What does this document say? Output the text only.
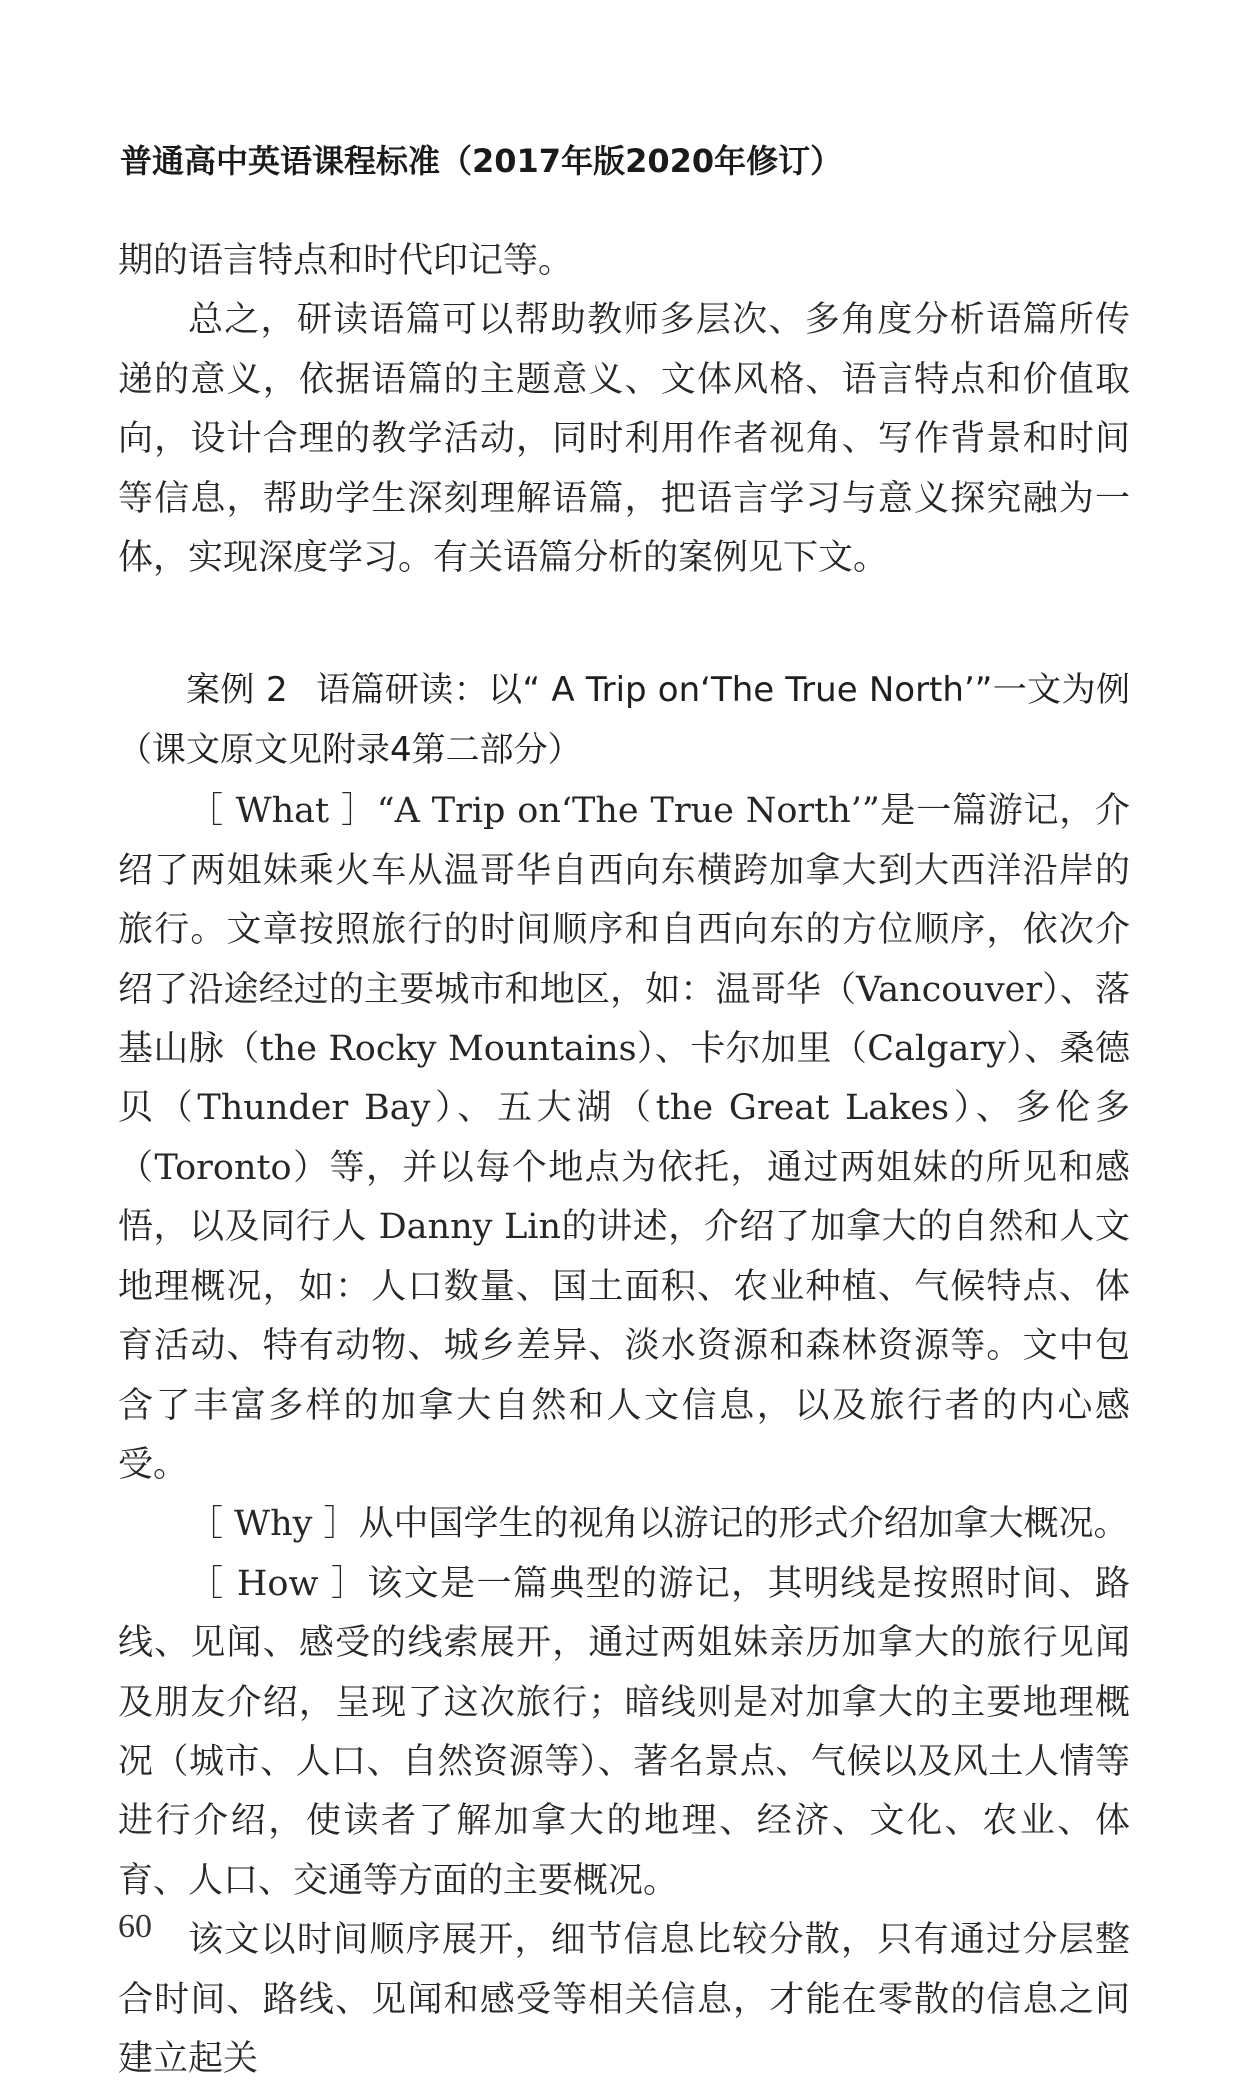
普通高中英语课程标准（2017年版2020年修订）

期的语言特点和时代印记等。

总之，研读语篇可以帮助教师多层次、多角度分析语篇所传递的意义，依据语篇的主题意义、文体风格、语言特点和价值取向，设计合理的教学活动，同时利用作者视角、写作背景和时间等信息，帮助学生深刻理解语篇，把语言学习与意义探究融为一体，实现深度学习。有关语篇分析的案例见下文。

案例 2 语篇研读：以“ A Trip on‘The True North’”一文为例（课文原文见附录4第二部分）

［ What ］“A Trip on‘The True North’”是一篇游记，介绍了两姐妹乘火车从温哥华自西向东横跨加拿大到大西洋沿岸的旅行。文章按照旅行的时间顺序和自西向东的方位顺序，依次介绍了沿途经过的主要城市和地区，如：温哥华（Vancouver）、落基山脉（the Rocky Mountains）、卡尔加里（Calgary）、桑德贝（Thunder Bay）、五大湖（the Great Lakes）、多伦多（Toronto）等，并以每个地点为依托，通过两姐妹的所见和感悟，以及同行人 Danny Lin的讲述，介绍了加拿大的自然和人文地理概况，如：人口数量、国土面积、农业种植、气候特点、体育活动、特有动物、城乡差异、淡水资源和森林资源等。文中包含了丰富多样的加拿大自然和人文信息，以及旅行者的内心感受。

［ Why ］从中国学生的视角以游记的形式介绍加拿大概况。

［ How ］该文是一篇典型的游记，其明线是按照时间、路线、见闻、感受的线索展开，通过两姐妹亲历加拿大的旅行见闻及朋友介绍，呈现了这次旅行；暗线则是对加拿大的主要地理概况（城市、人口、自然资源等）、著名景点、气候以及风土人情等进行介绍，使读者了解加拿大的地理、经济、文化、农业、体育、人口、交通等方面的主要概况。

该文以时间顺序展开，细节信息比较分散，只有通过分层整合时间、路线、见闻和感受等相关信息，才能在零散的信息之间建立起关

60
